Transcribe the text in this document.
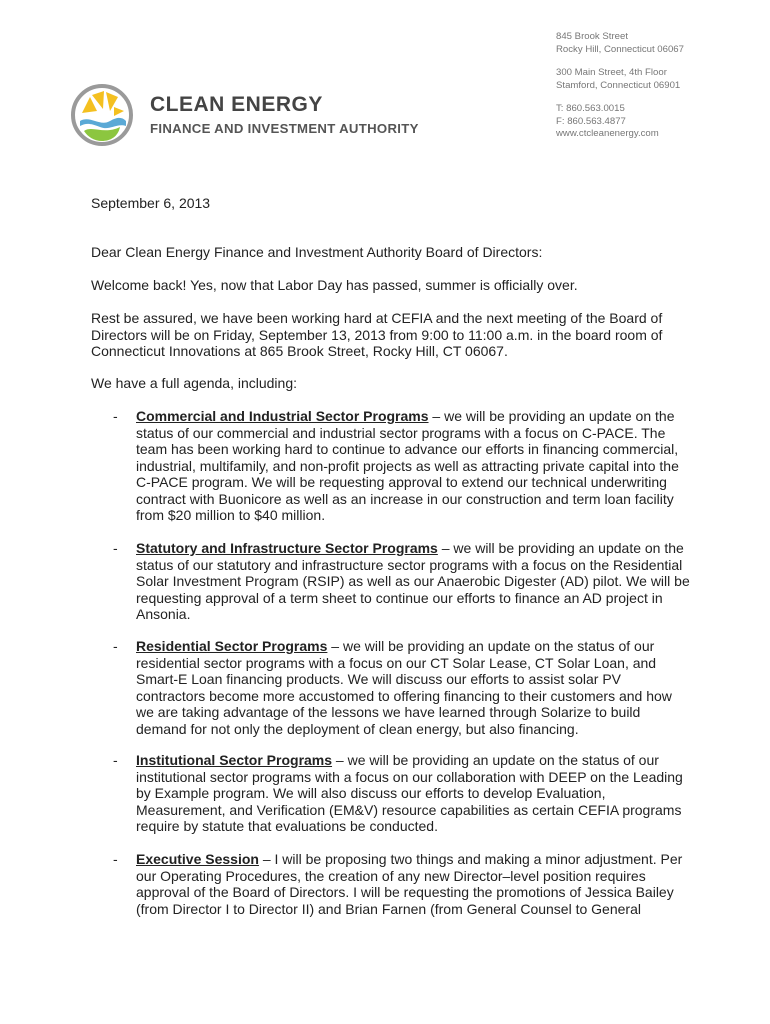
CLEAN ENERGY
FINANCE AND INVESTMENT AUTHORITY
845 Brook Street
Rocky Hill, Connecticut 06067
300 Main Street, 4th Floor
Stamford, Connecticut 06901
T: 860.563.0015
F: 860.563.4877
www.ctcleanenergy.com

September 6, 2013

Dear Clean Energy Finance and Investment Authority Board of Directors:

Welcome back! Yes, now that Labor Day has passed, summer is officially over.

Rest be assured, we have been working hard at CEFIA and the next meeting of the Board of Directors will be on Friday, September 13, 2013 from 9:00 to 11:00 a.m. in the board room of Connecticut Innovations at 865 Brook Street, Rocky Hill, CT 06067.

We have a full agenda, including:

- Commercial and Industrial Sector Programs – we will be providing an update on the status of our commercial and industrial sector programs with a focus on C-PACE. The team has been working hard to continue to advance our efforts in financing commercial, industrial, multifamily, and non-profit projects as well as attracting private capital into the C-PACE program. We will be requesting approval to extend our technical underwriting contract with Buonicore as well as an increase in our construction and term loan facility from $20 million to $40 million.
- Statutory and Infrastructure Sector Programs – we will be providing an update on the status of our statutory and infrastructure sector programs with a focus on the Residential Solar Investment Program (RSIP) as well as our Anaerobic Digester (AD) pilot. We will be requesting approval of a term sheet to continue our efforts to finance an AD project in Ansonia.
- Residential Sector Programs – we will be providing an update on the status of our residential sector programs with a focus on our CT Solar Lease, CT Solar Loan, and Smart-E Loan financing products. We will discuss our efforts to assist solar PV contractors become more accustomed to offering financing to their customers and how we are taking advantage of the lessons we have learned through Solarize to build demand for not only the deployment of clean energy, but also financing.
- Institutional Sector Programs – we will be providing an update on the status of our institutional sector programs with a focus on our collaboration with DEEP on the Leading by Example program. We will also discuss our efforts to develop Evaluation, Measurement, and Verification (EM&V) resource capabilities as certain CEFIA programs require by statute that evaluations be conducted.
- Executive Session – I will be proposing two things and making a minor adjustment. Per our Operating Procedures, the creation of any new Director–level position requires approval of the Board of Directors. I will be requesting the promotions of Jessica Bailey (from Director I to Director II) and Brian Farnen (from General Counsel to General
